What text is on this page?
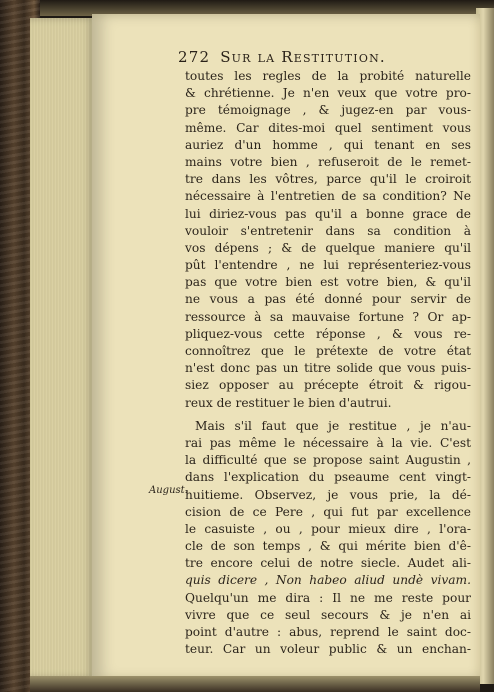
272 Sur la Restitution.
August.
toutes les regles de la probité naturelle
& chrétienne. Je n'en veux que votre pro-
pre témoignage , & jugez-en par vous-
même. Car dites-moi quel sentiment vous
auriez d'un homme , qui tenant en ses
mains votre bien , refuseroit de le remet-
tre dans les vôtres, parce qu'il le croiroit
nécessaire à l'entretien de sa condition? Ne
lui diriez-vous pas qu'il a bonne grace de
vouloir s'entretenir dans sa condition à
vos dépens ; & de quelque maniere qu'il
pût l'entendre , ne lui représenteriez-vous
pas que votre bien est votre bien, & qu'il
ne vous a pas été donné pour servir de
ressource à sa mauvaise fortune ? Or ap-
pliquez-vous cette réponse , & vous re-
connoîtrez que le prétexte de votre état
n'est donc pas un titre solide que vous puis-
siez opposer au précepte étroit & rigou-
reux de restituer le bien d'autrui.
Mais s'il faut que je restitue , je n'au-
rai pas même le nécessaire à la vie. C'est
la difficulté que se propose saint Augustin ,
dans l'explication du pseaume cent vingt-
huitieme. Observez, je vous prie, la dé-
cision de ce Pere , qui fut par excellence
le casuiste , ou , pour mieux dire , l'ora-
cle de son temps , & qui mérite bien d'ê-
tre encore celui de notre siecle. Audet ali-
quis dicere , Non habeo aliud undè vivam.
Quelqu'un me dira : Il ne me reste pour
vivre que ce seul secours & je n'en ai
point d'autre : abus, reprend le saint doc-
teur. Car un voleur public & un enchan-
